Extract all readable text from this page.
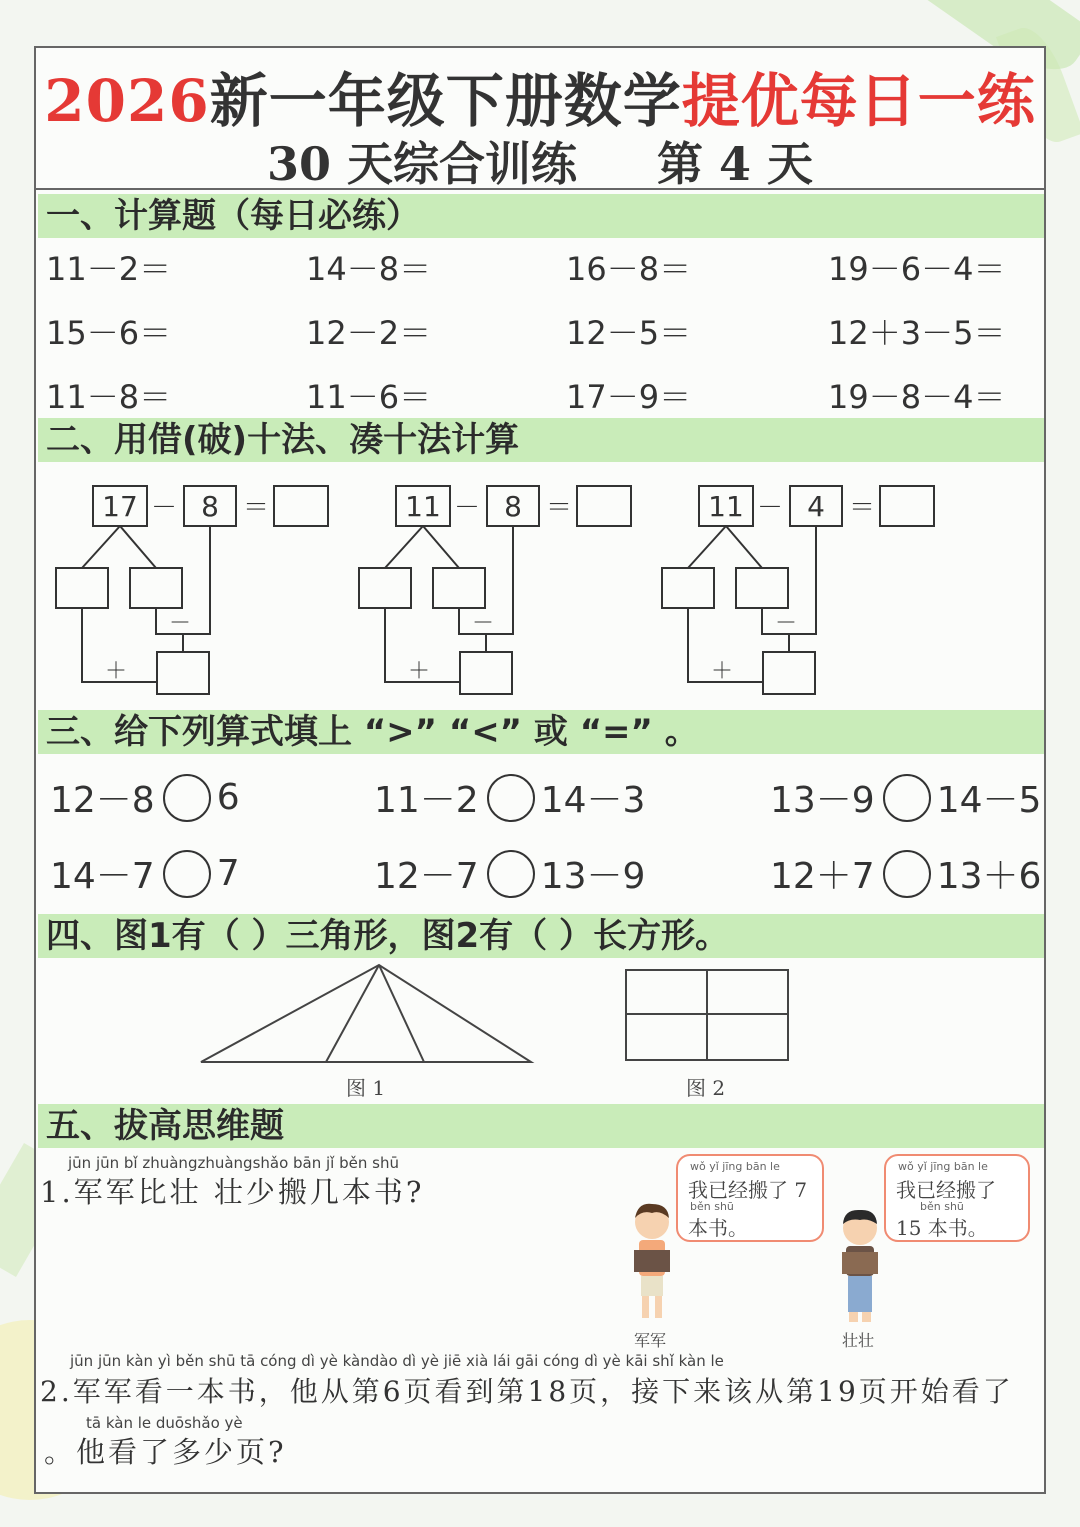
2026新一年级下册数学提优每日一练
30 天综合训练 第 4 天
一、计算题（每日必练）
11－2＝	14－8＝	16－8＝	19－6－4＝
15－6＝	12－2＝	12－5＝	12＋3－5＝
11－8＝	11－6＝	17－9＝	19－8－4＝
二、用借(破)十法、凑十法计算
17 － 8 ＝
－
＋
11 － 8 ＝
－
＋
11 － 4 ＝
－
＋
三、给下列算式填上 “>” “<” 或 “=” 。
12－8 6	11－2 14－3	13－9 14－5
14－7 7	12－7 13－9	12＋7 13＋6
四、图1有（ ）三角形，图2有（ ）长方形。
图 1	图 2
五、拔高思维题
jūn jūn bǐ zhuàngzhuàngshǎo bān jǐ běn shū
1.军军比壮 壮少搬几本书?
wǒ yǐ jīng bān le
我已经搬了 7
běn shū
本书。
wǒ yǐ jīng bān le
我已经搬了
běn shū
15 本书。
军军	壮壮
jūn jūn kàn yì běn shū tā cóng dì yè kàndào dì yè jiē xià lái gāi cóng dì yè kāi shǐ kàn le
2.军军看一本书，他从第6页看到第18页，接下来该从第19页开始看了
tā kàn le duōshǎo yè
。他看了多少页?
